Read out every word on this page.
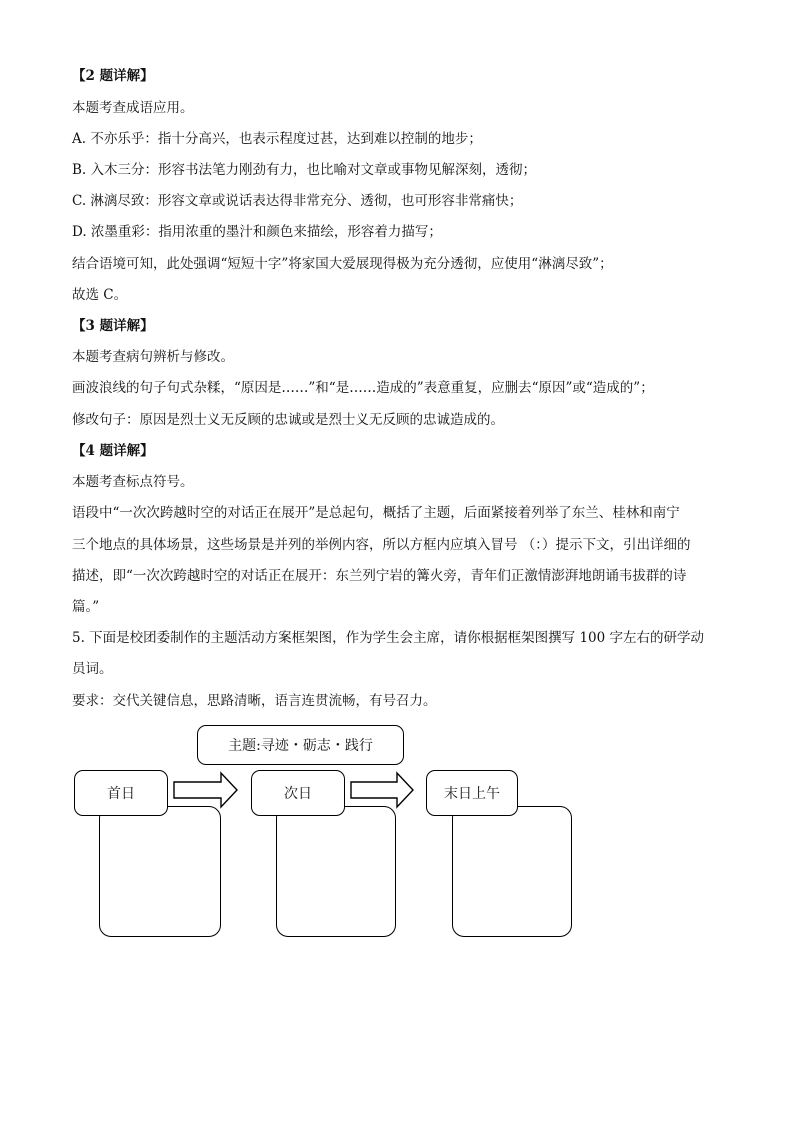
【2 题详解】
本题考查成语应用。
A. 不亦乐乎：指十分高兴，也表示程度过甚，达到难以控制的地步；
B. 入木三分：形容书法笔力刚劲有力，也比喻对文章或事物见解深刻，透彻；
C. 淋漓尽致：形容文章或说话表达得非常充分、透彻，也可形容非常痛快；
D. 浓墨重彩：指用浓重的墨汁和颜色来描绘，形容着力描写；
结合语境可知，此处强调“短短十字”将家国大爱展现得极为充分透彻，应使用“淋漓尽致”；
故选 C。
【3 题详解】
本题考查病句辨析与修改。
画波浪线的句子句式杂糅，“原因是……”和“是……造成的”表意重复，应删去“原因”或“造成的”；
修改句子：原因是烈士义无反顾的忠诚或是烈士义无反顾的忠诚造成的。
【4 题详解】
本题考查标点符号。
语段中“一次次跨越时空的对话正在展开”是总起句，概括了主题，后面紧接着列举了东兰、桂林和南宁
三个地点的具体场景，这些场景是并列的举例内容，所以方框内应填入冒号 （：）提示下文，引出详细的
描述，即“一次次跨越时空的对话正在展开：东兰列宁岩的篝火旁，青年们正激情澎湃地朗诵韦拔群的诗
篇。”
5. 下面是校团委制作的主题活动方案框架图，作为学生会主席，请你根据框架图撰写 100 字左右的研学动
员词。
要求：交代关键信息，思路清晰，语言连贯流畅，有号召力。
主题:寻迹・砺志・践行
首日	次日	末日上午
